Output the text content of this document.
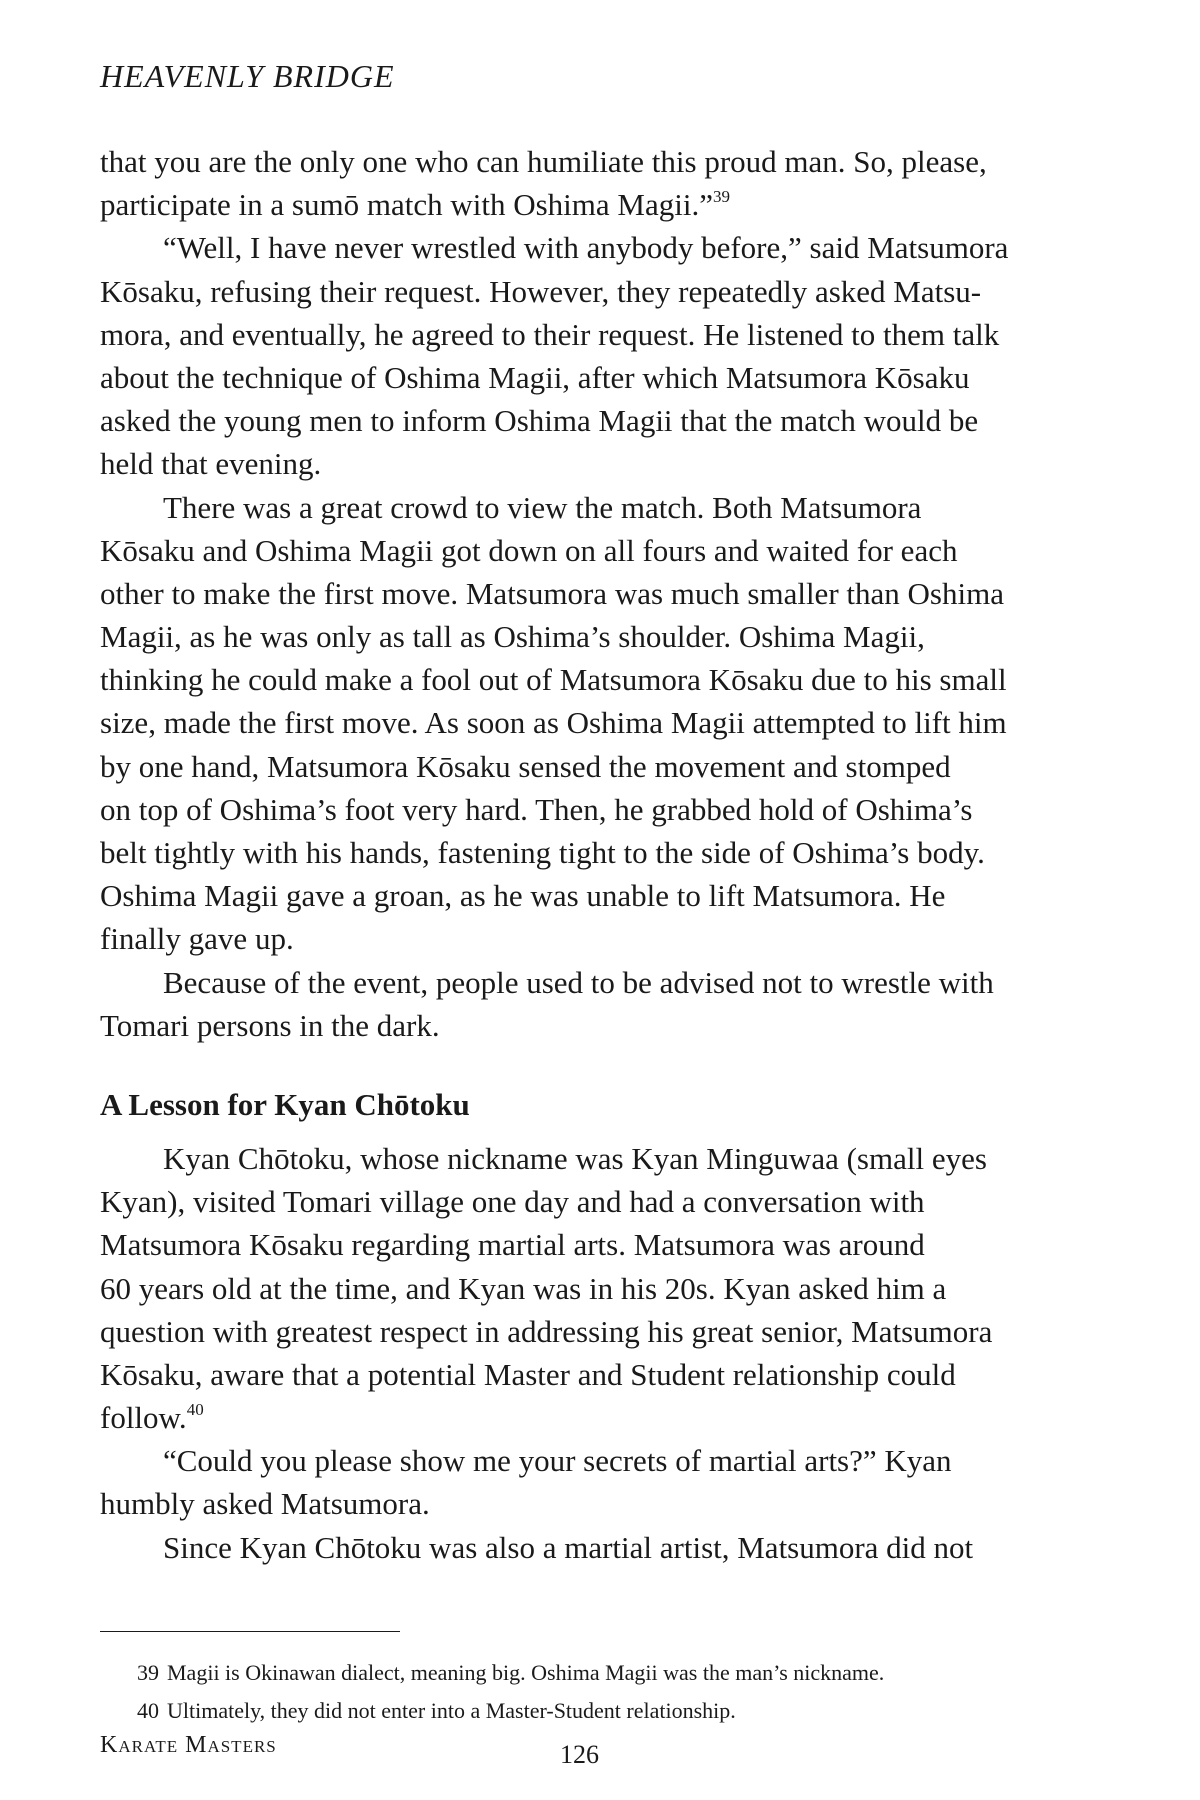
HEAVENLY BRIDGE
that you are the only one who can humiliate this proud man. So, please,
participate in a sumō match with Oshima Magii.”$^{39}$
“Well, I have never wrestled with anybody before,” said Matsumora
Kōsaku, refusing their request. However, they repeatedly asked Matsu-
mora, and eventually, he agreed to their request. He listened to them talk
about the technique of Oshima Magii, after which Matsumora Kōsaku
asked the young men to inform Oshima Magii that the match would be
held that evening.
There was a great crowd to view the match. Both Matsumora
Kōsaku and Oshima Magii got down on all fours and waited for each
other to make the first move. Matsumora was much smaller than Oshima
Magii, as he was only as tall as Oshima’s shoulder. Oshima Magii,
thinking he could make a fool out of Matsumora Kōsaku due to his small
size, made the first move. As soon as Oshima Magii attempted to lift him
by one hand, Matsumora Kōsaku sensed the movement and stomped
on top of Oshima’s foot very hard. Then, he grabbed hold of Oshima’s
belt tightly with his hands, fastening tight to the side of Oshima’s body.
Oshima Magii gave a groan, as he was unable to lift Matsumora. He
finally gave up.
Because of the event, people used to be advised not to wrestle with
Tomari persons in the dark.
A Lesson for Kyan Chōtoku
Kyan Chōtoku, whose nickname was Kyan Minguwaa (small eyes
Kyan), visited Tomari village one day and had a conversation with
Matsumora Kōsaku regarding martial arts. Matsumora was around
60 years old at the time, and Kyan was in his 20s. Kyan asked him a
question with greatest respect in addressing his great senior, Matsumora
Kōsaku, aware that a potential Master and Student relationship could
follow.$^{40}$
“Could you please show me your secrets of martial arts?” Kyan
humbly asked Matsumora.
Since Kyan Chōtoku was also a martial artist, Matsumora did not
39 Magii is Okinawan dialect, meaning big. Oshima Magii was the man’s nickname.
40 Ultimately, they did not enter into a Master-Student relationship.
Karate Masters	126
